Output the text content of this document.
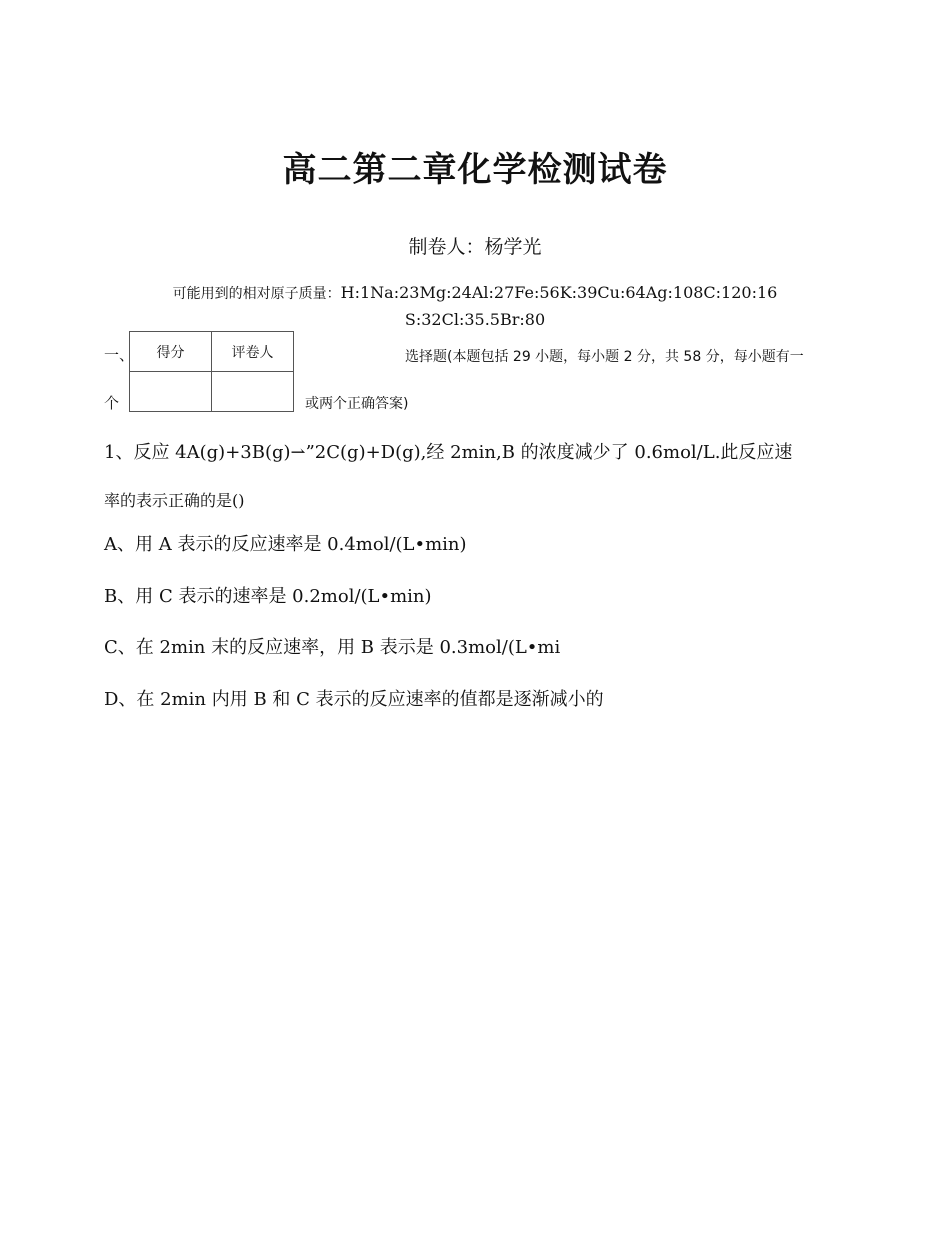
高二第二章化学检测试卷
制卷人：杨学光
可能用到的相对原子质量：H:1Na:23Mg:24Al:27Fe:56K:39Cu:64Ag:108C:120:16 S:32Cl:35.5Br:80
一、
个
得分	评卷人
		选择题(本题包括 29 小题，每小题 2 分，共 58 分，每小题有一
或两个正确答案)
1、反应 4A(g)+3B(g)⇀”2C(g)+D(g),经 2min,B 的浓度减少了 0.6mol/L.此反应速
率的表示正确的是()
A、用 A 表示的反应速率是 0.4mol/(L•min)
B、用 C 表示的速率是 0.2mol/(L•min)
C、在 2min 末的反应速率，用 B 表示是 0.3mol/(L•mi
D、在 2min 内用 B 和 C 表示的反应速率的值都是逐渐减小的
